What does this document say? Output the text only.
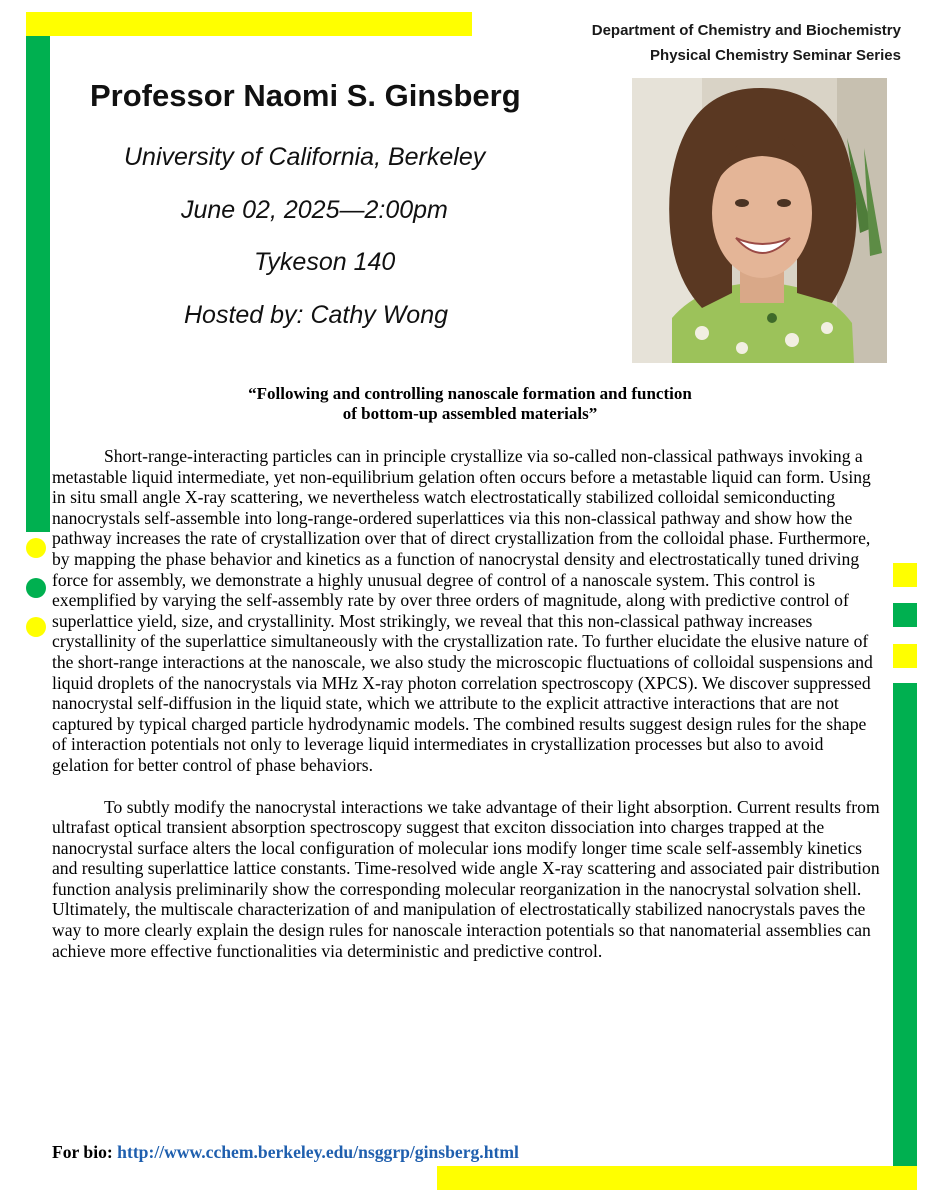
Department of Chemistry and Biochemistry
Physical Chemistry Seminar Series
Professor Naomi S. Ginsberg
University of California, Berkeley
June 02, 2025—2:00pm
Tykeson 140
Hosted by: Cathy Wong
“Following and controlling nanoscale formation and function
of bottom-up assembled materials”

Short-range-interacting particles can in principle crystallize via so-called non-classical pathways invoking a metastable liquid intermediate, yet non-equilibrium gelation often occurs before a metastable liquid can form. Using in situ small angle X-ray scattering, we nevertheless watch electrostatically stabilized colloidal semiconducting nanocrystals self-assemble into long-range-ordered superlattices via this non-classical pathway and show how the pathway increases the rate of crystallization over that of direct crystallization from the colloidal phase. Furthermore, by mapping the phase behavior and kinetics as a function of nanocrystal density and electrostatically tuned driving force for assembly, we demonstrate a highly unusual degree of control of a nanoscale system. This control is exemplified by varying the self-assembly rate by over three orders of magnitude, along with predictive control of superlattice yield, size, and crystallinity. Most strikingly, we reveal that this non-classical pathway increases crystallinity of the superlattice simultaneously with the crystallization rate. To further elucidate the elusive nature of the short-range interactions at the nanoscale, we also study the microscopic fluctuations of colloidal suspensions and liquid droplets of the nanocrystals via MHz X-ray photon correlation spectroscopy (XPCS). We discover suppressed nanocrystal self-diffusion in the liquid state, which we attribute to the explicit attractive interactions that are not captured by typical charged particle hydrodynamic models. The combined results suggest design rules for the shape of interaction potentials not only to leverage liquid intermediates in crystallization processes but also to avoid gelation for better control of phase behaviors.

To subtly modify the nanocrystal interactions we take advantage of their light absorption. Current results from ultrafast optical transient absorption spectroscopy suggest that exciton dissociation into charges trapped at the nanocrystal surface alters the local configuration of molecular ions modify longer time scale self-assembly kinetics and resulting superlattice lattice constants. Time-resolved wide angle X-ray scattering and associated pair distribution function analysis preliminarily show the corresponding molecular reorganization in the nanocrystal solvation shell. Ultimately, the multiscale characterization of and manipulation of electrostatically stabilized nanocrystals paves the way to more clearly explain the design rules for nanoscale interaction potentials so that nanomaterial assemblies can achieve more effective functionalities via deterministic and predictive control.

For bio: http://www.cchem.berkeley.edu/nsggrp/ginsberg.html
